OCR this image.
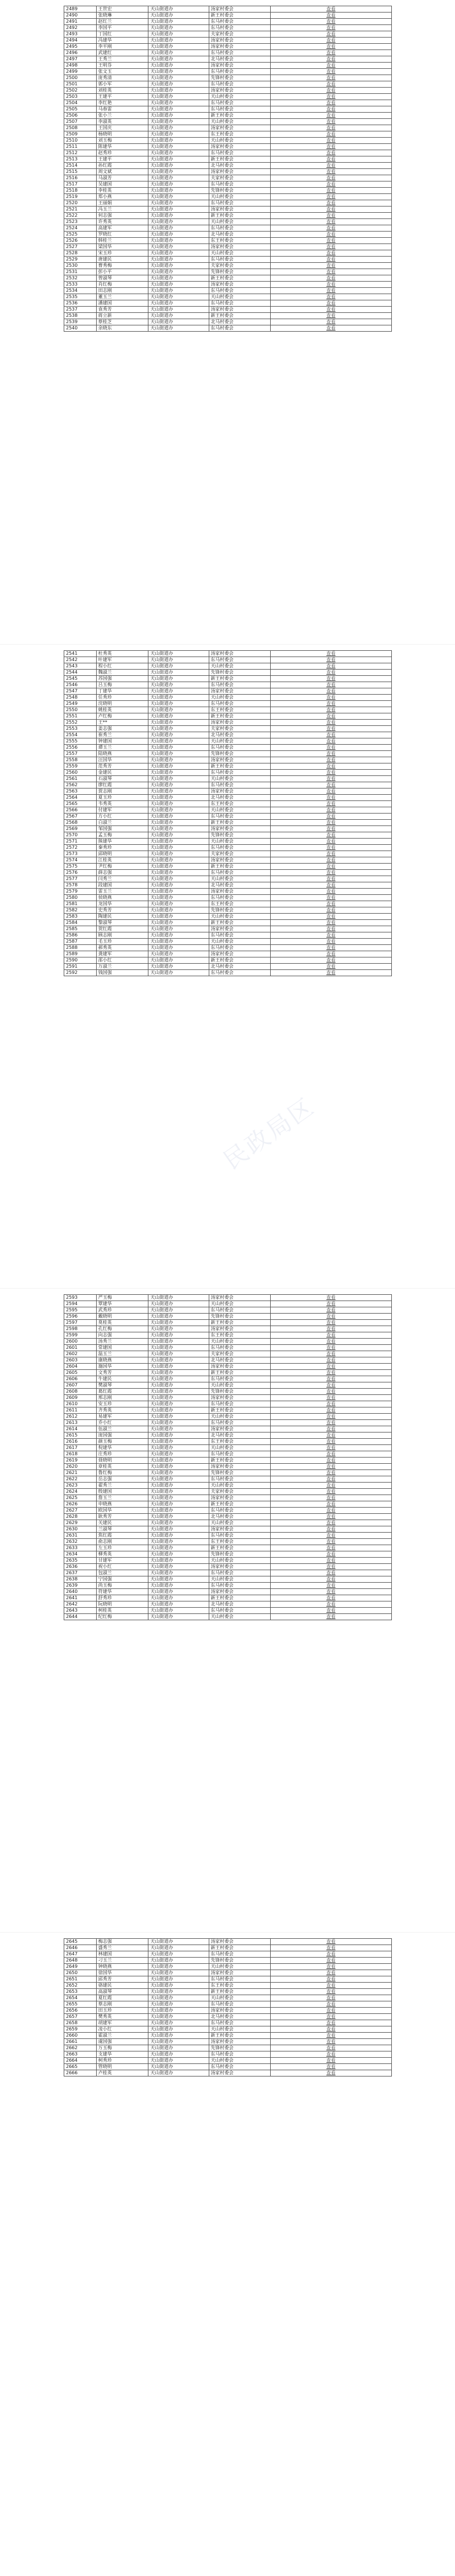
2489	王世宏	天山街道办	汤家村委会	查看
2490	张晓琳	天山街道办	新王村委会	查看
2491	赵红兰	天山街道办	东马村委会	查看
2492	李国平	天山街道办	东马村委会	查看
2493	丁国红	天山街道办	夫家村委会	查看
2494	冯建华	天山街道办	汤家村委会	查看
2495	李平刚	天山街道办	汤家村委会	查看
2496	武建红	天山街道办	东马村委会	查看
2497	王秀兰	天山街道办	北马村委会	查看
2498	王明芬	天山街道办	汤家村委会	查看
2499	张文玉	天山街道办	东马村委会	查看
2500	庞秀清	天山街道办	先锋村委会	查看
2501	郭小军	天山街道办	东马村委会	查看
2502	刘桂英	天山街道办	汤家村委会	查看
2503	王建平	天山街道办	天山村委会	查看
2504	李红艳	天山街道办	东马村委会	查看
2505	马春雷	天山街道办	东马村委会	查看
2506	张小兰	天山街道办	新王村委会	查看
2507	李淑英	天山街道办	天山村委会	查看
2508	王国庆	天山街道办	汤家村委会	查看
2509	杨晓明	天山街道办	东王村委会	查看
2510	刘玉梅	天山街道办	天山村委会	查看
2511	陈建华	天山街道办	汤家村委会	查看
2512	赵秀珍	天山街道办	东马村委会	查看
2513	王建平	天山街道办	新王村委会	查看
2514	孙红霞	天山街道办	北马村委会	查看
2515	周文斌	天山街道办	汤家村委会	查看
2516	马淑芳	天山街道办	夫家村委会	查看
2517	吴建国	天山街道办	东马村委会	查看
2518	李桂英	天山街道办	先锋村委会	查看
2519	郑小燕	天山街道办	天山村委会	查看
2520	王丽娟	天山街道办	东马村委会	查看
2521	冯玉兰	天山街道办	汤家村委会	查看
2522	何志强	天山街道办	新王村委会	查看
2523	许秀英	天山街道办	天山村委会	查看
2524	高建军	天山街道办	东马村委会	查看
2525	罗晓红	天山街道办	北马村委会	查看
2526	韩桂兰	天山街道办	东王村委会	查看
2527	梁国华	天山街道办	汤家村委会	查看
2528	宋玉珍	天山街道办	天山村委会	查看
2529	唐建民	天山街道办	东马村委会	查看
2530	曹秀梅	天山街道办	夫家村委会	查看
2531	彭小平	天山街道办	先锋村委会	查看
2532	曾淑琴	天山街道办	新王村委会	查看
2533	肖红梅	天山街道办	汤家村委会	查看
2534	田志刚	天山街道办	东马村委会	查看
2535	董玉兰	天山街道办	天山村委会	查看
2536	潘建国	天山街道办	东马村委会	查看
2537	袁秀芳	天山街道办	汤家村委会	查看
2538	蒋立新	天山街道办	新王村委会	查看
2539	蔡桂芝	天山街道办	北马村委会	查看
2540	余晓东	天山街道办	东马村委会	查看
2541	杜秀英	天山街道办	汤家村委会	查看
2542	叶建军	天山街道办	东马村委会	查看
2543	程小红	天山街道办	天山村委会	查看
2544	魏淑兰	天山街道办	先锋村委会	查看
2545	苏国强	天山街道办	新王村委会	查看
2546	吕玉梅	天山街道办	东马村委会	查看
2547	丁建华	天山街道办	汤家村委会	查看
2548	任秀珍	天山街道办	天山村委会	查看
2549	沈晓明	天山街道办	东马村委会	查看
2550	姚桂英	天山街道办	东王村委会	查看
2551	卢红梅	天山街道办	新王村委会	查看
2552	王**	天山街道办	汤家村委会	查看
2553	姜志强	天山街道办	夫家村委会	查看
2554	崔秀兰	天山街道办	北马村委会	查看
2555	钟建国	天山街道办	天山村委会	查看
2556	谭玉兰	天山街道办	东马村委会	查看
2557	陆晓燕	天山街道办	先锋村委会	查看
2558	汪国华	天山街道办	汤家村委会	查看
2559	范秀芳	天山街道办	新王村委会	查看
2560	金建民	天山街道办	东马村委会	查看
2561	石淑琴	天山街道办	天山村委会	查看
2562	廖红霞	天山街道办	东马村委会	查看
2563	贾志刚	天山街道办	汤家村委会	查看
2564	夏玉珍	天山街道办	北马村委会	查看
2565	韦秀英	天山街道办	东王村委会	查看
2566	付建军	天山街道办	天山村委会	查看
2567	方小红	天山街道办	东马村委会	查看
2568	白淑兰	天山街道办	新王村委会	查看
2569	邹国强	天山街道办	汤家村委会	查看
2570	孟玉梅	天山街道办	先锋村委会	查看
2571	熊建华	天山街道办	天山村委会	查看
2572	秦秀珍	天山街道办	东马村委会	查看
2573	邱晓明	天山街道办	夫家村委会	查看
2574	江桂英	天山街道办	汤家村委会	查看
2575	尹红梅	天山街道办	新王村委会	查看
2576	薛志强	天山街道办	东马村委会	查看
2577	闫秀兰	天山街道办	天山村委会	查看
2578	段建国	天山街道办	北马村委会	查看
2579	雷玉兰	天山街道办	汤家村委会	查看
2580	侯晓燕	天山街道办	东马村委会	查看
2581	龙国华	天山街道办	东王村委会	查看
2582	史秀芳	天山街道办	先锋村委会	查看
2583	陶建民	天山街道办	天山村委会	查看
2584	黎淑琴	天山街道办	新王村委会	查看
2585	贺红霞	天山街道办	汤家村委会	查看
2586	顾志刚	天山街道办	东马村委会	查看
2587	毛玉珍	天山街道办	天山村委会	查看
2588	郝秀英	天山街道办	东马村委会	查看
2589	龚建军	天山街道办	汤家村委会	查看
2590	邵小红	天山街道办	新王村委会	查看
2591	万淑兰	天山街道办	北马村委会	查看
2592	钱国强	天山街道办	东马村委会	查看
2593	严玉梅	天山街道办	汤家村委会	查看
2594	覃建华	天山街道办	天山村委会	查看
2595	武秀珍	天山街道办	东马村委会	查看
2596	戴晓明	天山街道办	先锋村委会	查看
2597	莫桂英	天山街道办	新王村委会	查看
2598	孔红梅	天山街道办	汤家村委会	查看
2599	向志强	天山街道办	东王村委会	查看
2600	汤秀兰	天山街道办	天山村委会	查看
2601	常建国	天山街道办	东马村委会	查看
2602	温玉兰	天山街道办	夫家村委会	查看
2603	康晓燕	天山街道办	北马村委会	查看
2604	施国华	天山街道办	汤家村委会	查看
2605	文秀芳	天山街道办	新王村委会	查看
2606	牛建民	天山街道办	东马村委会	查看
2607	樊淑琴	天山街道办	天山村委会	查看
2608	葛红霞	天山街道办	先锋村委会	查看
2609	邢志刚	天山街道办	汤家村委会	查看
2610	安玉珍	天山街道办	东马村委会	查看
2611	齐秀英	天山街道办	新王村委会	查看
2612	易建军	天山街道办	天山村委会	查看
2613	乔小红	天山街道办	东马村委会	查看
2614	伍淑兰	天山街道办	汤家村委会	查看
2615	庞国强	天山街道办	北马村委会	查看
2616	颜玉梅	天山街道办	东王村委会	查看
2617	倪建华	天山街道办	天山村委会	查看
2618	庄秀珍	天山街道办	东马村委会	查看
2619	聂晓明	天山街道办	新王村委会	查看
2620	章桂英	天山街道办	汤家村委会	查看
2621	鲁红梅	天山街道办	先锋村委会	查看
2622	岳志强	天山街道办	东马村委会	查看
2623	翟秀兰	天山街道办	天山村委会	查看
2624	殷建国	天山街道办	夫家村委会	查看
2625	詹玉兰	天山街道办	汤家村委会	查看
2626	申晓燕	天山街道办	新王村委会	查看
2627	欧国华	天山街道办	东马村委会	查看
2628	耿秀芳	天山街道办	北马村委会	查看
2629	关建民	天山街道办	天山村委会	查看
2630	兰淑琴	天山街道办	汤家村委会	查看
2631	焦红霞	天山街道办	东马村委会	查看
2632	俞志刚	天山街道办	东王村委会	查看
2633	左玉珍	天山街道办	新王村委会	查看
2634	柳秀英	天山街道办	先锋村委会	查看
2635	甘建军	天山街道办	天山村委会	查看
2636	祝小红	天山街道办	汤家村委会	查看
2637	包淑兰	天山街道办	东马村委会	查看
2638	宁国强	天山街道办	天山村委会	查看
2639	尚玉梅	天山街道办	东马村委会	查看
2640	符建华	天山街道办	汤家村委会	查看
2641	舒秀珍	天山街道办	新王村委会	查看
2642	阮晓明	天山街道办	北马村委会	查看
2643	柯桂英	天山街道办	东马村委会	查看
2644	纪红梅	天山街道办	天山村委会	查看
2645	梅志强	天山街道办	汤家村委会	查看
2646	盛秀兰	天山街道办	新王村委会	查看
2647	林建国	天山街道办	东马村委会	查看
2648	刁玉兰	天山街道办	先锋村委会	查看
2649	钟晓燕	天山街道办	天山村委会	查看
2650	徐国华	天山街道办	汤家村委会	查看
2651	邱秀芳	天山街道办	东马村委会	查看
2652	骆建民	天山街道办	东王村委会	查看
2653	高淑琴	天山街道办	新王村委会	查看
2654	夏红霞	天山街道办	天山村委会	查看
2655	蔡志刚	天山街道办	东马村委会	查看
2656	田玉珍	天山街道办	汤家村委会	查看
2657	樊秀英	天山街道办	北马村委会	查看
2658	胡建军	天山街道办	东马村委会	查看
2659	凌小红	天山街道办	天山村委会	查看
2660	霍淑兰	天山街道办	新王村委会	查看
2661	虞国强	天山街道办	汤家村委会	查看
2662	万玉梅	天山街道办	先锋村委会	查看
2663	支建华	天山街道办	东马村委会	查看
2664	柯秀珍	天山街道办	天山村委会	查看
2665	管晓明	天山街道办	东马村委会	查看
2666	卢桂英	天山街道办	汤家村委会	查看
